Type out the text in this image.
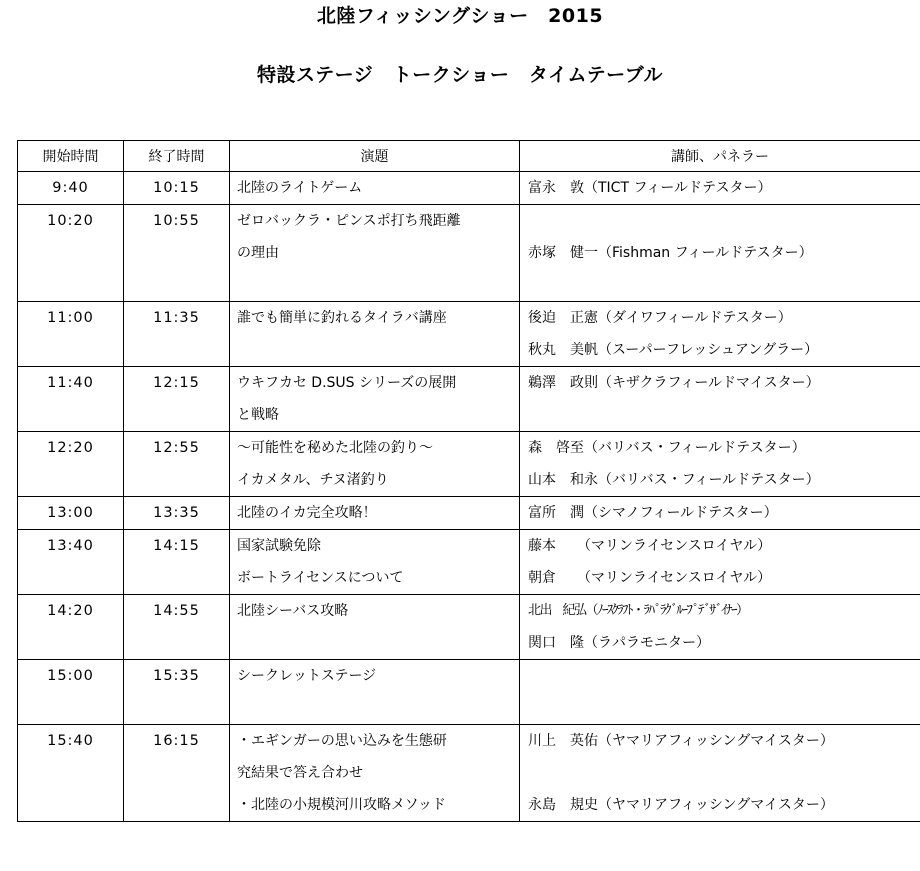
北陸フィッシングショー　2015
特設ステージ　トークショー　タイムテーブル
開始時間	終了時間	演題	講師、パネラー

9:40	10:15	北陸のライトゲーム	富永　敦（TICT フィールドテスター）

10:20	10:55	ゼロバックラ・ピンスポ打ち飛距離
の理由	赤塚　健一（Fishman フィールドテスター）

11:00	11:35	誰でも簡単に釣れるタイラバ講座	後迫　正憲（ダイワフィールドテスター）
秋丸　美帆（スーパーフレッシュアングラー）

11:40	12:15	ウキフカセ D.SUS シリーズの展開
と戦略	鵜澤　政則（キザクラフィールドマイスター）

12:20	12:55	～可能性を秘めた北陸の釣り～
イカメタル、チヌ渚釣り	森　啓至（バリバス・フィールドテスター）
山本　和永（バリバス・フィールドテスター）

13:00	13:35	北陸のイカ完全攻略！	富所　潤（シマノフィールドテスター）

13:40	14:15	国家試験免除
ボートライセンスについて	藤本　　（マリンライセンスロイヤル）
朝倉　　（マリンライセンスロイヤル）

14:20	14:55	北陸シーバス攻略	北出　紀弘（ﾉｰｽｸﾗﾌﾄ・ﾗﾊﾟﾗｸﾞﾙｰﾌﾟﾃﾞｻﾞｲﾅｰ）
関口　隆（ラパラモニター）

15:00	15:35	シークレットステージ	

15:40	16:15	・エギンガーの思い込みを生態研
究結果で答え合わせ
・北陸の小規模河川攻略メソッド	川上　英佑（ヤマリアフィッシングマイスター）
永島　規史（ヤマリアフィッシングマイスター）
